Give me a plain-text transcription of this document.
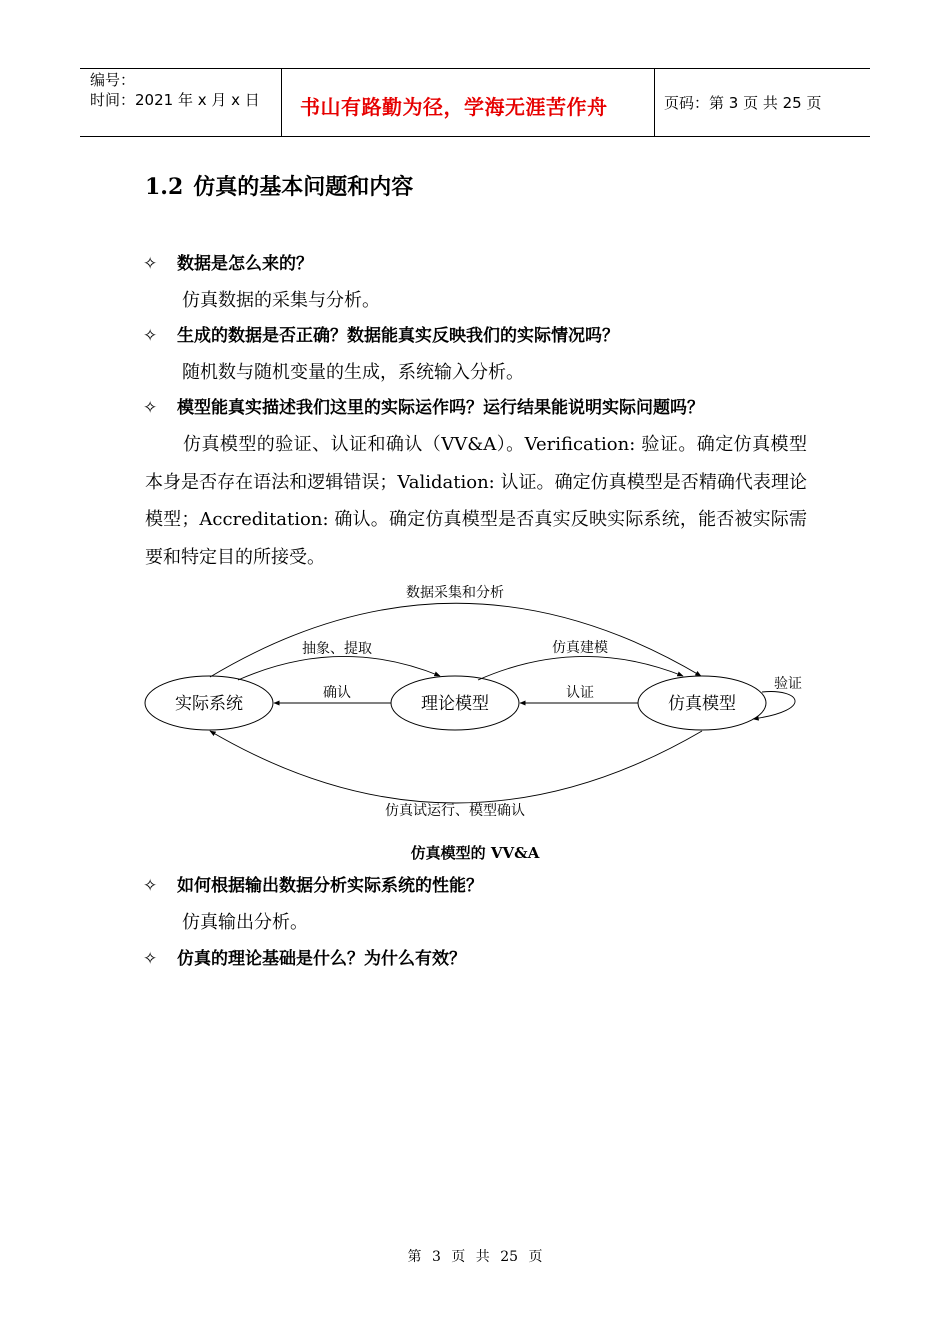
编号：
时间：2021 年 x 月 x 日 书山有路勤为径，学海无涯苦作舟	页码：第 3 页 共 25 页
1.2 仿真的基本问题和内容
✧ 数据是怎么来的？
仿真数据的采集与分析。
✧ 生成的数据是否正确？数据能真实反映我们的实际情况吗？
随机数与随机变量的生成，系统输入分析。
✧ 模型能真实描述我们这里的实际运作吗？运行结果能说明实际问题吗？
仿真模型的验证、认证和确认（VV&A）。Verification: 验证。确定仿真模型本身是否存在语法和逻辑错误；Validation: 认证。确定仿真模型是否精确代表理论模型；Accreditation: 确认。确定仿真模型是否真实反映实际系统，能否被实际需要和特定目的所接受。
实际系统	理论模型	仿真模型
数据采集和分析
抽象、提取	仿真建模
确认	认证
验证
仿真试运行、模型确认
仿真模型的 VV&A
✧ 如何根据输出数据分析实际系统的性能？
仿真输出分析。
✧ 仿真的理论基础是什么？为什么有效？
第 3 页 共 25 页
